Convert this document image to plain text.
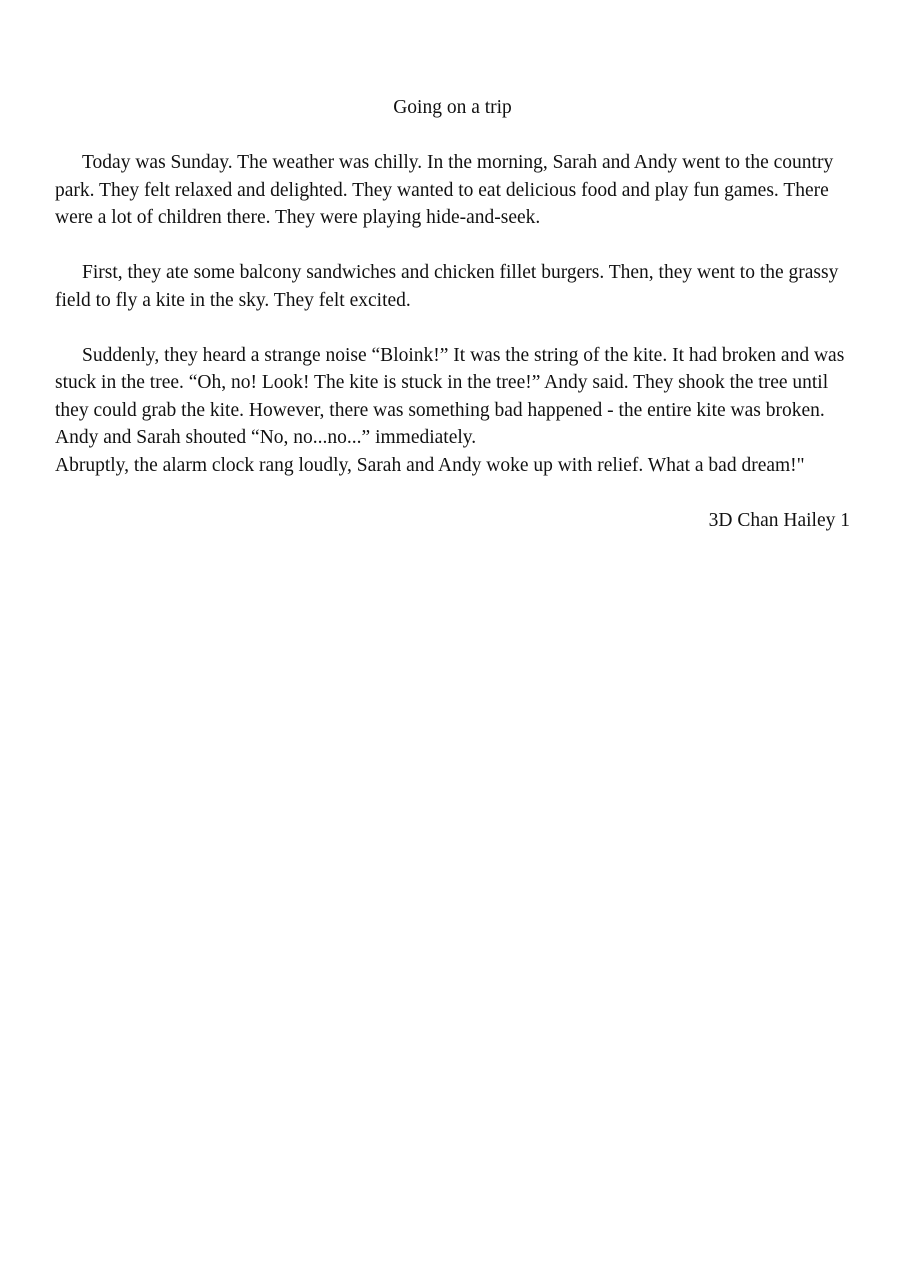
Going on a trip

Today was Sunday. The weather was chilly. In the morning, Sarah and Andy went to the country park. They felt relaxed and delighted. They wanted to eat delicious food and play fun games. There were a lot of children there. They were playing hide-and-seek.

First, they ate some balcony sandwiches and chicken fillet burgers. Then, they went to the grassy field to fly a kite in the sky. They felt excited.

Suddenly, they heard a strange noise “Bloink!” It was the string of the kite. It had broken and was stuck in the tree. “Oh, no! Look! The kite is stuck in the tree!” Andy said. They shook the tree until they could grab the kite. However, there was something bad happened - the entire kite was broken. Andy and Sarah shouted “No, no...no...” immediately.

Abruptly, the alarm clock rang loudly, Sarah and Andy woke up with relief. What a bad dream!"

3D Chan Hailey 1
